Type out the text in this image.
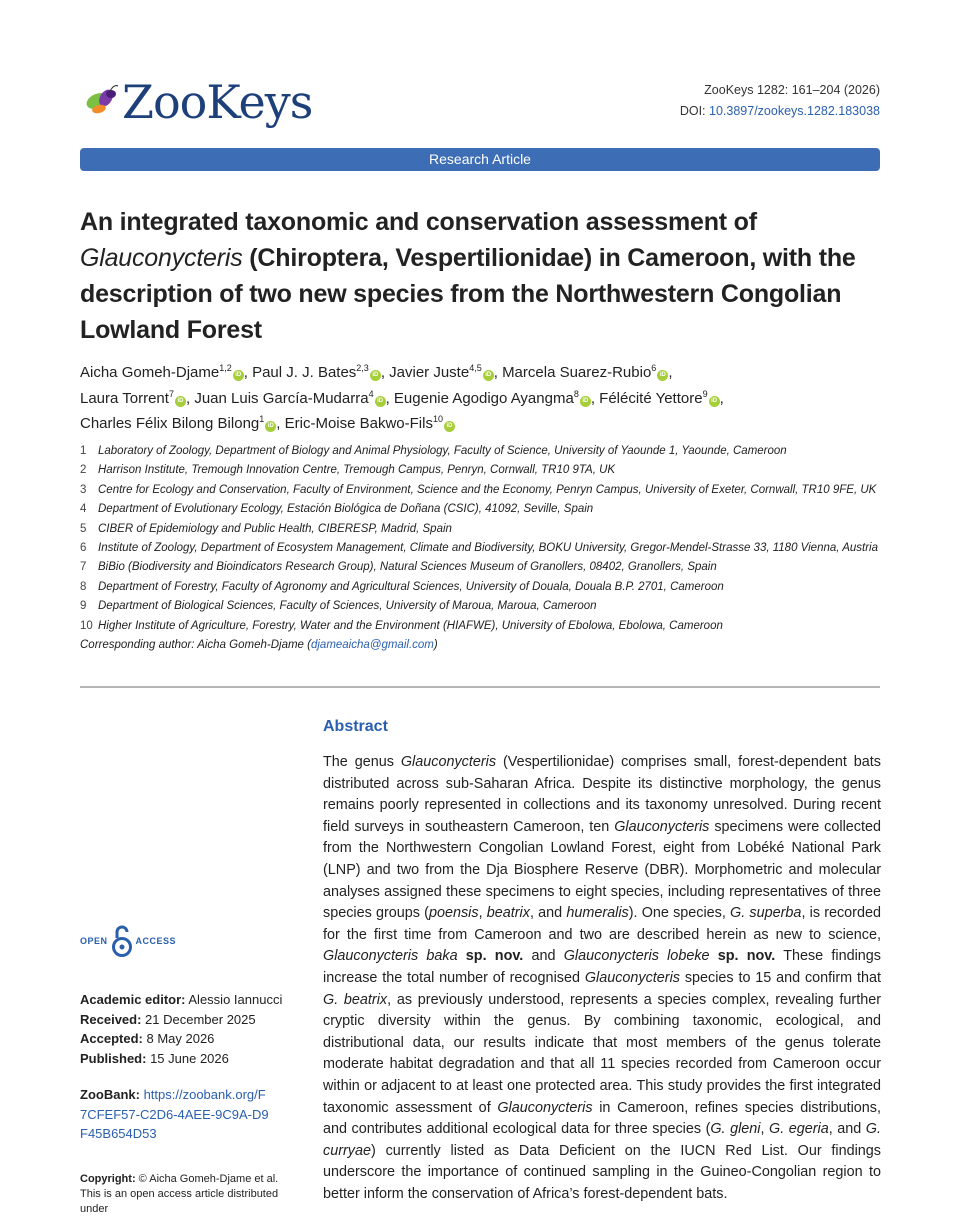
ZooKeys	ZooKeys 1282: 161–204 (2026)
DOI: 10.3897/zookeys.1282.183038
Research Article
An integrated taxonomic and conservation assessment of
Glauconycteris (Chiroptera, Vespertilionidae) in Cameroon, with the description of two new species from the Northwestern Congolian Lowland Forest
Aicha Gomeh-Djame$^{1,2}$iD , Paul J. J. Bates$^{2,3}$iD , Javier Juste$^{4,5}$iD , Marcela Suarez-Rubio$^6$iD ,
Laura Torrent$^7$iD , Juan Luis García-Mudarra$^4$iD , Eugenie Agodigo Ayangma$^8$iD , Félécité Yettore$^9$iD ,
Charles Félix Bilong Bilong$^1$iD , Eric-Moise Bakwo-Fils$^{10}$iD
1	Laboratory of Zoology, Department of Biology and Animal Physiology, Faculty of Science, University of Yaounde 1, Yaounde, Cameroon
2	Harrison Institute, Tremough Innovation Centre, Tremough Campus, Penryn, Cornwall, TR10 9TA, UK
3	Centre for Ecology and Conservation, Faculty of Environment, Science and the Economy, Penryn Campus, University of Exeter, Cornwall, TR10 9FE, UK
4	Department of Evolutionary Ecology, Estación Biológica de Doñana (CSIC), 41092, Seville, Spain
5	CIBER of Epidemiology and Public Health, CIBERESP, Madrid, Spain
6	Institute of Zoology, Department of Ecosystem Management, Climate and Biodiversity, BOKU University, Gregor-Mendel-Strasse 33, 1180 Vienna, Austria
7	BiBio (Biodiversity and Bioindicators Research Group), Natural Sciences Museum of Granollers, 08402, Granollers, Spain
8	Department of Forestry, Faculty of Agronomy and Agricultural Sciences, University of Douala, Douala B.P. 2701, Cameroon
9	Department of Biological Sciences, Faculty of Sciences, University of Maroua, Maroua, Cameroon
10 Higher Institute of Agriculture, Forestry, Water and the Environment (HIAFWE), University of Ebolowa, Ebolowa, Cameroon
Corresponding author: Aicha Gomeh-Djame (djameaicha@gmail.com)
Abstract

The genus Glauconycteris (Vespertilionidae) comprises small, forest-dependent bats distributed across sub-Saharan Africa. Despite its distinctive morphology, the genus remains poorly represented in collections and its taxonomy unresolved. During recent field surveys in southeastern Cameroon, ten Glauconycteris specimens were collected from the Northwestern Congolian Lowland Forest, eight from Lobéké National Park (LNP) and two from the Dja Biosphere Reserve (DBR). Morphometric and molecular analyses assigned these specimens to eight species, including representatives of three species groups (poensis, beatrix, and humeralis). One species, G. superba, is recorded for the first time from Cameroon and two are described herein as new to science, Glauconycteris baka sp. nov. and Glauconycteris lobeke sp. nov. These findings increase the total number of recognised Glauconycteris species to 15 and confirm that G. beatrix, as previously understood, represents a species complex, revealing further cryptic diversity within the genus. By combining taxonomic, ecological, and distributional data, our results indicate that most members of the genus tolerate moderate habitat degradation and that all 11 species recorded from Cameroon occur within or adjacent to at least one protected area. This study provides the first integrated taxonomic assessment of Glauconycteris in Cameroon, refines species distributions, and contributes additional ecological data for three species (G. gleni, G. egeria, and G. curryae) currently listed as Data Deficient on the IUCN Red List. Our findings underscore the importance of continued sampling in the Guineo-Congolian region to better inform the conservation of Africa’s forest-dependent bats.

OPEN	ACCESS
Academic editor: Alessio Iannucci
Received: 21 December 2025
Accepted: 8 May 2026
Published: 15 June 2026
ZooBank: https://zoobank.org/F7CFEF57-C2D6-4AEE-9C9A-D9F45B654D53
Copyright: © Aicha Gomeh-Djame et al.
This is an open access article distributed under
